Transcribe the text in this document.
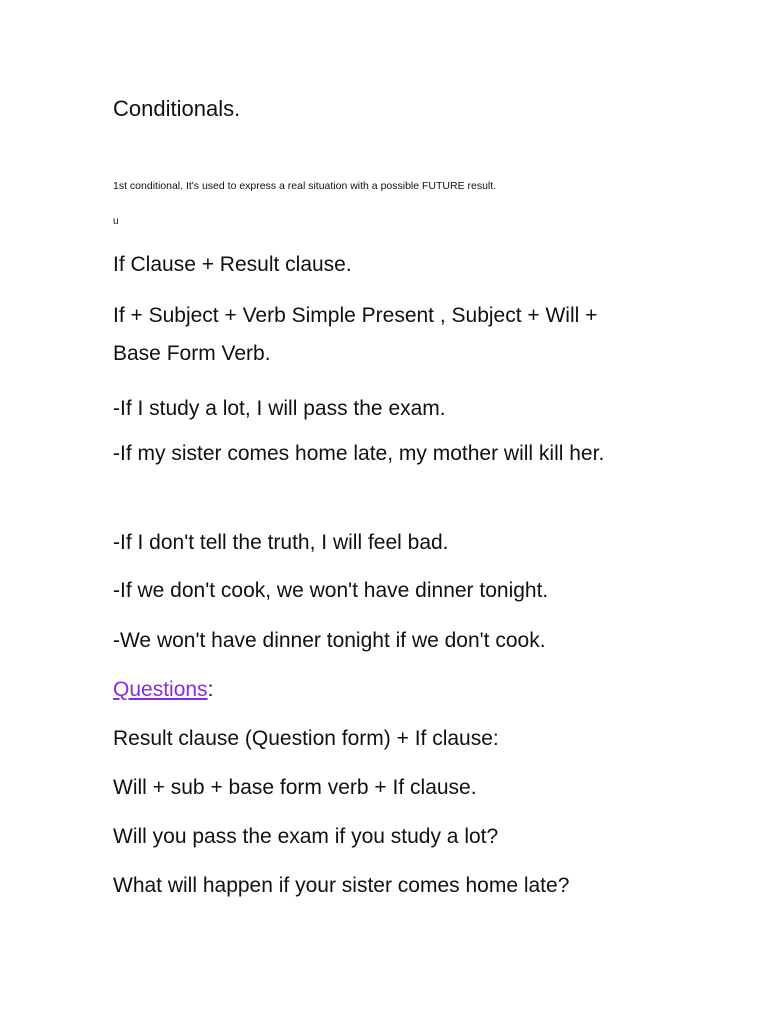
Conditionals.

1st conditional. It's used to express a real situation with a possible FUTURE result.

u

If Clause + Result clause.

If + Subject + Verb Simple Present , Subject + Will + Base Form Verb.

-If I study a lot, I will pass the exam.

-If my sister comes home late, my mother will kill her.

-If I don't tell the truth, I will feel bad.

-If we don't cook, we won't have dinner tonight.

-We won't have dinner tonight if we don't cook.

Questions:

Result clause (Question form) + If clause:

Will + sub + base form verb + If clause.

Will you pass the exam if you study a lot?

What will happen if your sister comes home late?
